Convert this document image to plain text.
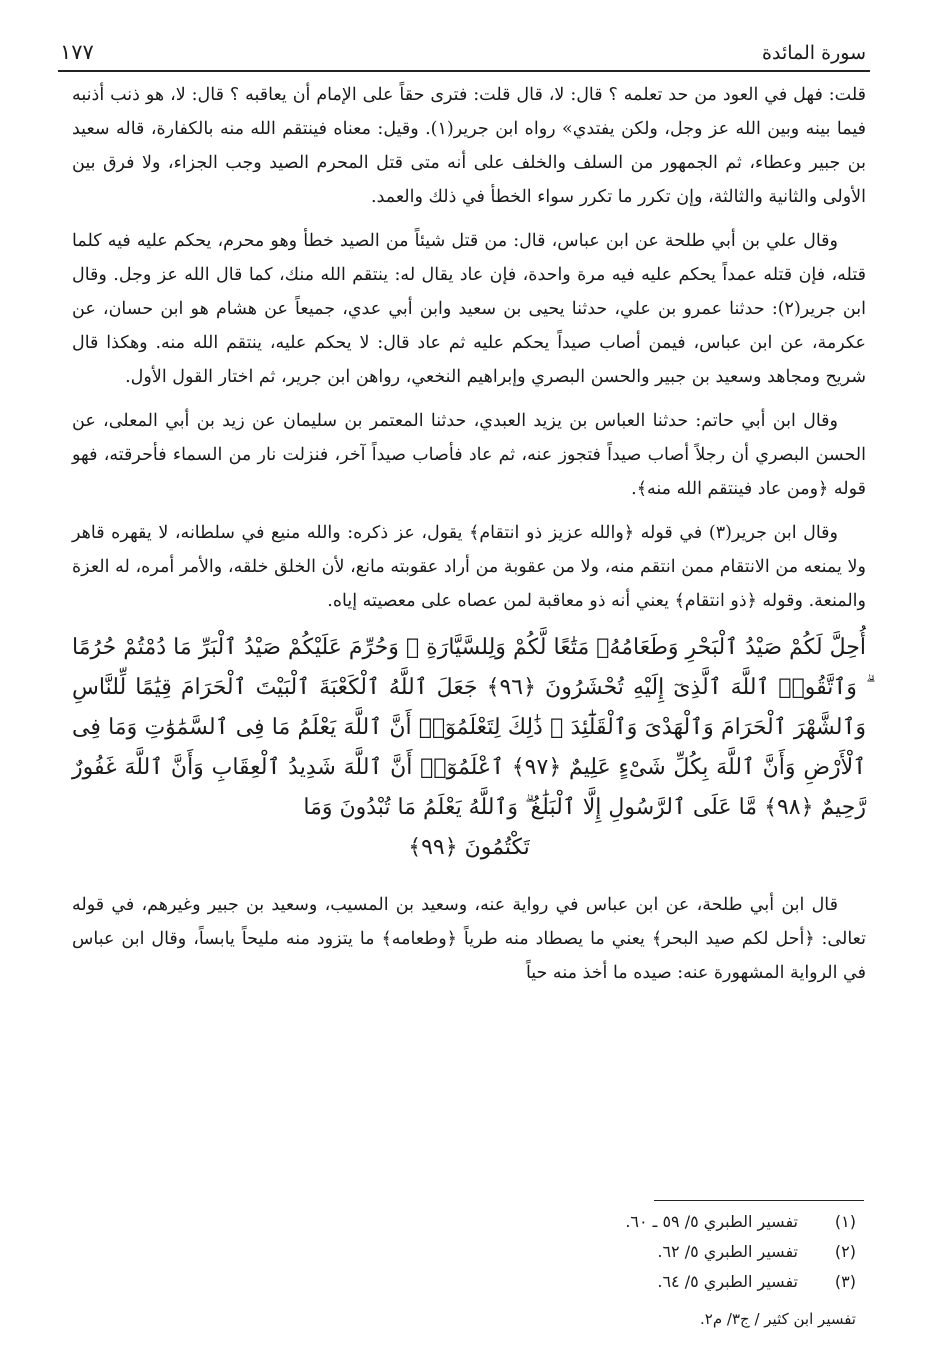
سورة المائدة
١٧٧

قلت: فهل في العود من حد تعلمه ؟ قال: لا، قال قلت: فترى حقاً على الإمام أن يعاقبه ؟ قال: لا، هو ذنب أذنبه فيما بينه وبين الله عز وجل، ولكن يفتدي» رواه ابن جرير(١). وقيل: معناه فينتقم الله منه بالكفارة، قاله سعيد بن جبير وعطاء، ثم الجمهور من السلف والخلف على أنه متى قتل المحرم الصيد وجب الجزاء، ولا فرق بين الأولى والثانية والثالثة، وإن تكرر ما تكرر سواء الخطأ في ذلك والعمد.

وقال علي بن أبي طلحة عن ابن عباس، قال: من قتل شيئاً من الصيد خطأ وهو محرم، يحكم عليه فيه كلما قتله، فإن قتله عمداً يحكم عليه فيه مرة واحدة، فإن عاد يقال له: ينتقم الله منك، كما قال الله عز وجل. وقال ابن جرير(٢): حدثنا عمرو بن علي، حدثنا يحيى بن سعيد وابن أبي عدي، جميعاً عن هشام هو ابن حسان، عن عكرمة، عن ابن عباس، فيمن أصاب صيداً يحكم عليه ثم عاد قال: لا يحكم عليه، ينتقم الله منه. وهكذا قال شريح ومجاهد وسعيد بن جبير والحسن البصري وإبراهيم النخعي، رواهن ابن جرير، ثم اختار القول الأول.

وقال ابن أبي حاتم: حدثنا العباس بن يزيد العبدي، حدثنا المعتمر بن سليمان عن زيد بن أبي المعلى، عن الحسن البصري أن رجلاً أصاب صيداً فتجوز عنه، ثم عاد فأصاب صيداً آخر، فنزلت نار من السماء فأحرقته، فهو قوله ﴿ومن عاد فينتقم الله منه﴾.

وقال ابن جرير(٣) في قوله ﴿والله عزيز ذو انتقام﴾ يقول، عز ذكره: والله منيع في سلطانه، لا يقهره قاهر ولا يمنعه من الانتقام ممن انتقم منه، ولا من عقوبة من أراد عقوبته مانع، لأن الخلق خلقه، والأمر أمره، له العزة والمنعة. وقوله ﴿ذو انتقام﴾ يعني أنه ذو معاقبة لمن عصاه على معصيته إياه.

أُحِلَّ لَكُمْ صَيْدُ ٱلْبَحْرِ وَطَعَامُهُۥ مَتَٰعًا لَّكُمْ وَلِلسَّيَّارَةِ ۖ وَحُرِّمَ عَلَيْكُمْ صَيْدُ ٱلْبَرِّ مَا دُمْتُمْ حُرُمًا ۗ وَٱتَّقُوا۟ ٱللَّهَ ٱلَّذِىٓ إِلَيْهِ تُحْشَرُونَ ﴿٩٦﴾ جَعَلَ ٱللَّهُ ٱلْكَعْبَةَ ٱلْبَيْتَ ٱلْحَرَامَ قِيَٰمًا لِّلنَّاسِ وَٱلشَّهْرَ ٱلْحَرَامَ وَٱلْهَدْىَ وَٱلْقَلَٰٓئِدَ ۚ ذَٰلِكَ لِتَعْلَمُوٓا۟ أَنَّ ٱللَّهَ يَعْلَمُ مَا فِى ٱلسَّمَٰوَٰتِ وَمَا فِى ٱلْأَرْضِ وَأَنَّ ٱللَّهَ بِكُلِّ شَىْءٍ عَلِيمٌ ﴿٩٧﴾ ٱعْلَمُوٓا۟ أَنَّ ٱللَّهَ شَدِيدُ ٱلْعِقَابِ وَأَنَّ ٱللَّهَ غَفُورٌ رَّحِيمٌ ﴿٩٨﴾ مَّا عَلَى ٱلرَّسُولِ إِلَّا ٱلْبَلَٰغُ ۗ وَٱللَّهُ يَعْلَمُ مَا تُبْدُونَ وَمَا
تَكْتُمُونَ ﴿٩٩﴾

قال ابن أبي طلحة، عن ابن عباس في رواية عنه، وسعيد بن المسيب، وسعيد بن جبير وغيرهم، في قوله تعالى: ﴿أحل لكم صيد البحر﴾ يعني ما يصطاد منه طرياً ﴿وطعامه﴾ ما يتزود منه مليحاً يابساً، وقال ابن عباس في الرواية المشهورة عنه: صيده ما أخذ منه حياً

(١)
تفسير الطبري ٥/ ٥٩ ـ ٦٠.
(٢)
تفسير الطبري ٥/ ٦٢.
(٣)
تفسير الطبري ٥/ ٦٤.
تفسير ابن كثير / ج٣/ م٢.
